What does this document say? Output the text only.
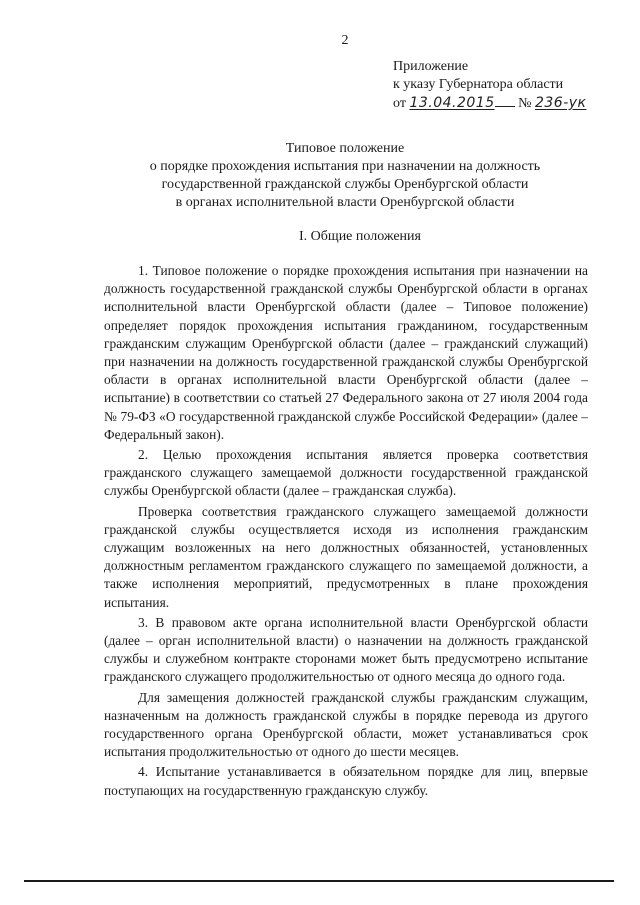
2
Приложение
к указу Губернатора области
от 13.04.2015 № 236-ук
Типовое положение
о порядке прохождения испытания при назначении на должность
государственной гражданской службы Оренбургской области
в органах исполнительной власти Оренбургской области
I. Общие положения

1. Типовое положение о порядке прохождения испытания при назначении на должность государственной гражданской службы Оренбургской области в органах исполнительной власти Оренбургской области (далее – Типовое положение) определяет порядок прохождения испытания гражданином, государственным гражданским служащим Оренбургской области (далее – гражданский служащий) при назначении на должность государственной гражданской службы Оренбургской области в органах исполнительной власти Оренбургской области (далее – испытание) в соответствии со статьей 27 Федерального закона от 27 июля 2004 года № 79-ФЗ «О государственной гражданской службе Российской Федерации» (далее – Федеральный закон).

2. Целью прохождения испытания является проверка соответствия гражданского служащего замещаемой должности государственной гражданской службы Оренбургской области (далее – гражданская служба).

Проверка соответствия гражданского служащего замещаемой должности гражданской службы осуществляется исходя из исполнения гражданским служащим возложенных на него должностных обязанностей, установленных должностным регламентом гражданского служащего по замещаемой должности, а также исполнения мероприятий, предусмотренных в плане прохождения испытания.

3. В правовом акте органа исполнительной власти Оренбургской области (далее – орган исполнительной власти) о назначении на должность гражданской службы и служебном контракте сторонами может быть предусмотрено испытание гражданского служащего продолжительностью от одного месяца до одного года.

Для замещения должностей гражданской службы гражданским служащим, назначенным на должность гражданской службы в порядке перевода из другого государственного органа Оренбургской области, может устанавливаться срок испытания продолжительностью от одного до шести месяцев.

4. Испытание устанавливается в обязательном порядке для лиц, впервые поступающих на государственную гражданскую службу.
